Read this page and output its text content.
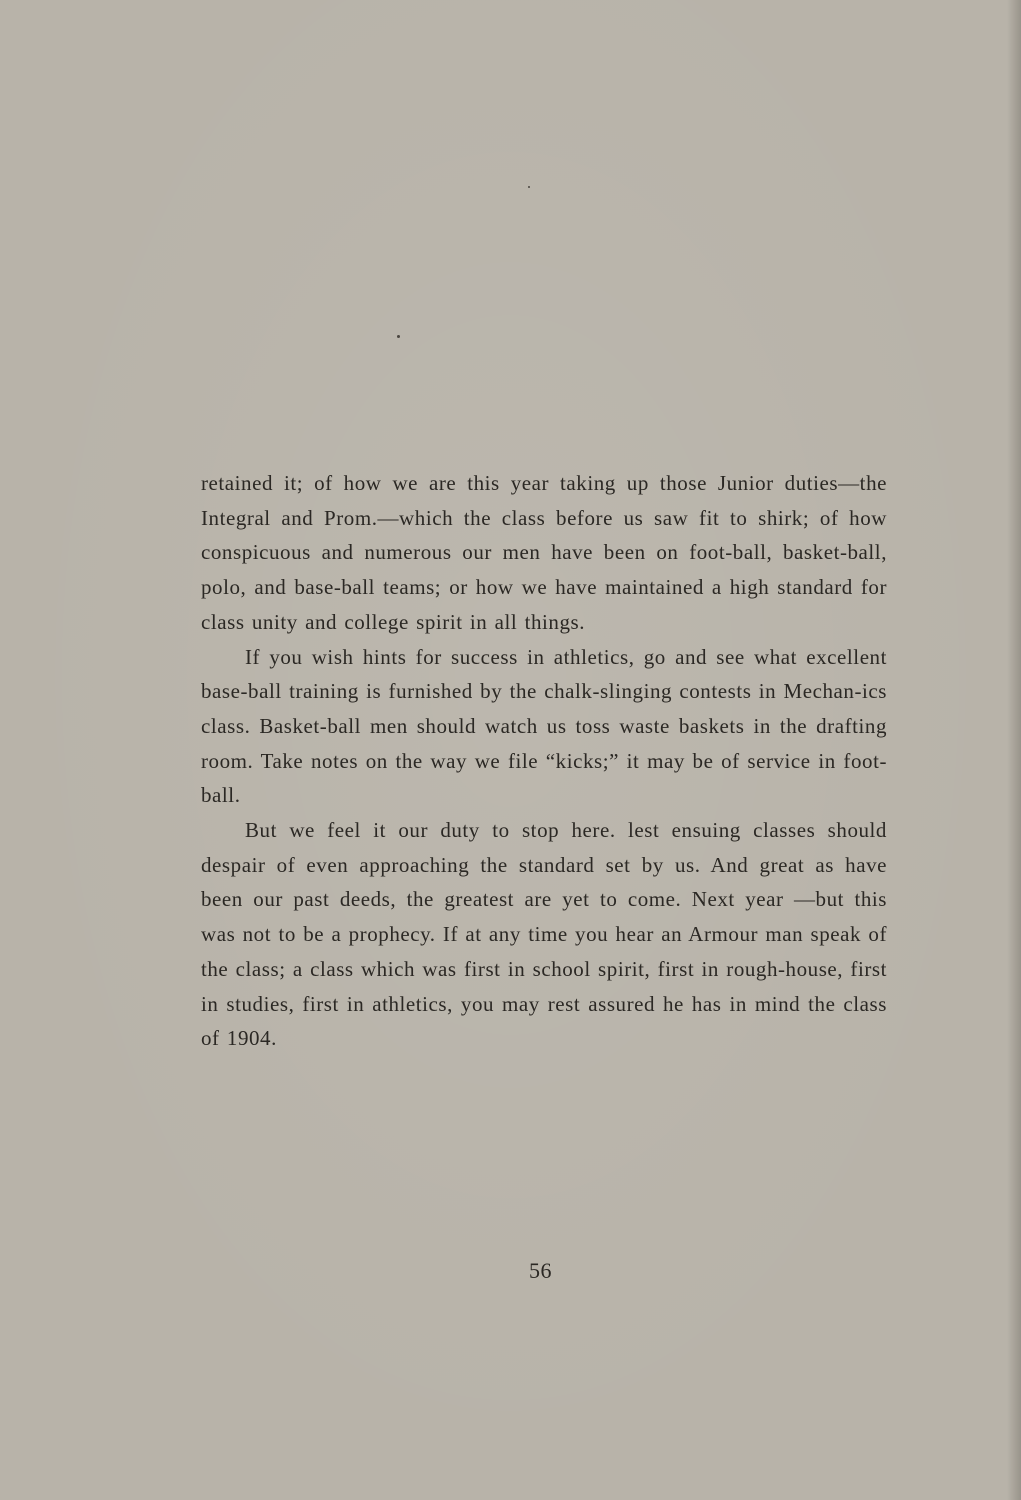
retained it; of how we are this year taking up those Junior duties—the Integral and Prom.—which the class before us saw fit to shirk; of how conspicuous and numerous our men have been on foot-ball, basket-ball, polo, and base-ball teams; or how we have maintained a high standard for class unity and college spirit in all things.

If you wish hints for success in athletics, go and see what excellent base-ball training is furnished by the chalk-slinging contests in Mechan-ics class. Basket-ball men should watch us toss waste baskets in the drafting room. Take notes on the way we file “kicks;” it may be of service in foot-ball.

But we feel it our duty to stop here. lest ensuing classes should despair of even approaching the standard set by us. And great as have been our past deeds, the greatest are yet to come. Next year —but this was not to be a prophecy. If at any time you hear an Armour man speak of the class; a class which was first in school spirit, first in rough-house, first in studies, first in athletics, you may rest assured he has in mind the class of 1904.

56
